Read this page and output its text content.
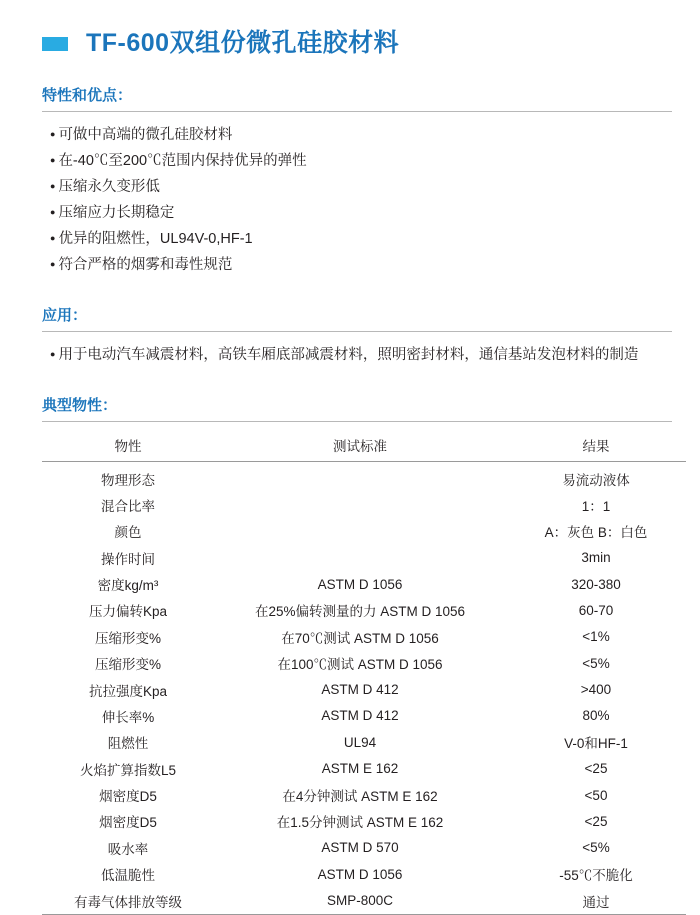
TF-600双组份微孔硅胶材料
特性和优点：
● 可做中高端的微孔硅胶材料
● 在-40℃至200℃范围内保持优异的弹性
● 压缩永久变形低
● 压缩应力长期稳定
● 优异的阻燃性，UL94V-0,HF-1
● 符合严格的烟雾和毒性规范
应用：
● 用于电动汽车减震材料，高铁车厢底部减震材料，照明密封材料，通信基站发泡材料的制造
典型物性：
物性	测试标准	结果
物理形态		易流动液体
混合比率		1：1
颜色		A：灰色 B：白色
操作时间		3min
密度kg/m³	ASTM D 1056	320-380
压力偏转Kpa	在25%偏转测量的力 ASTM D 1056	60-70
压缩形变%	在70℃测试 ASTM D 1056	<1%
压缩形变%	在100℃测试 ASTM D 1056	<5%
抗拉强度Kpa	ASTM D 412	>400
伸长率%	ASTM D 412	80%
阻燃性	UL94	V-0和HF-1
火焰扩算指数L5	ASTM E 162	<25
烟密度D5	在4分钟测试 ASTM E 162	<50
烟密度D5	在1.5分钟测试 ASTM E 162	<25
吸水率	ASTM D 570	<5%
低温脆性	ASTM D 1056	-55℃不脆化
有毒气体排放等级	SMP-800C	通过
